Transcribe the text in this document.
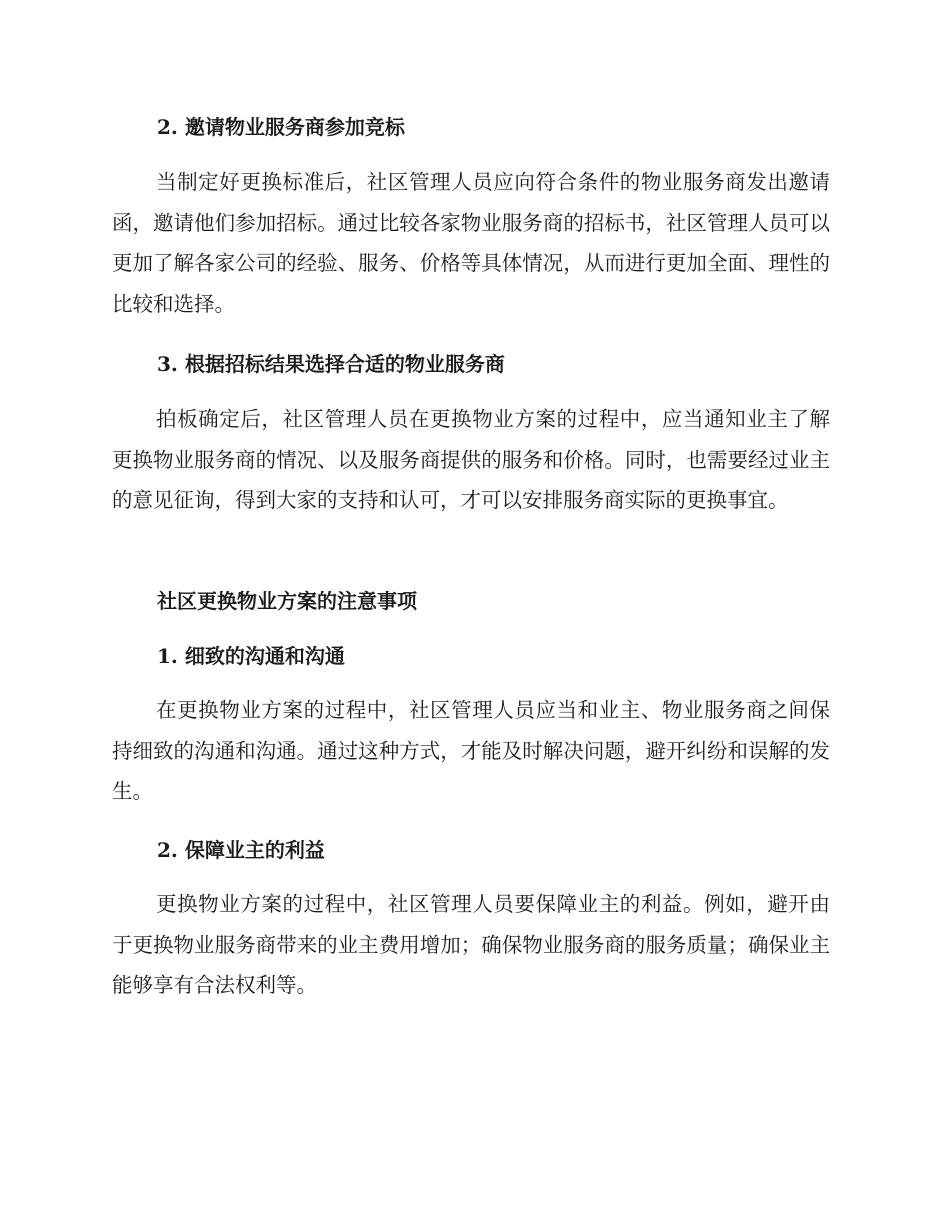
2. 邀请物业服务商参加竞标

当制定好更换标准后，社区管理人员应向符合条件的物业服务商发出邀请函，邀请他们参加招标。通过比较各家物业服务商的招标书，社区管理人员可以更加了解各家公司的经验、服务、价格等具体情况，从而进行更加全面、理性的比较和选择。

3. 根据招标结果选择合适的物业服务商

拍板确定后，社区管理人员在更换物业方案的过程中，应当通知业主了解更换物业服务商的情况、以及服务商提供的服务和价格。同时，也需要经过业主的意见征询，得到大家的支持和认可，才可以安排服务商实际的更换事宜。

社区更换物业方案的注意事项
1. 细致的沟通和沟通

在更换物业方案的过程中，社区管理人员应当和业主、物业服务商之间保持细致的沟通和沟通。通过这种方式，才能及时解决问题，避开纠纷和误解的发生。

2. 保障业主的利益

更换物业方案的过程中，社区管理人员要保障业主的利益。例如，避开由于更换物业服务商带来的业主费用增加；确保物业服务商的服务质量；确保业主能够享有合法权利等。
